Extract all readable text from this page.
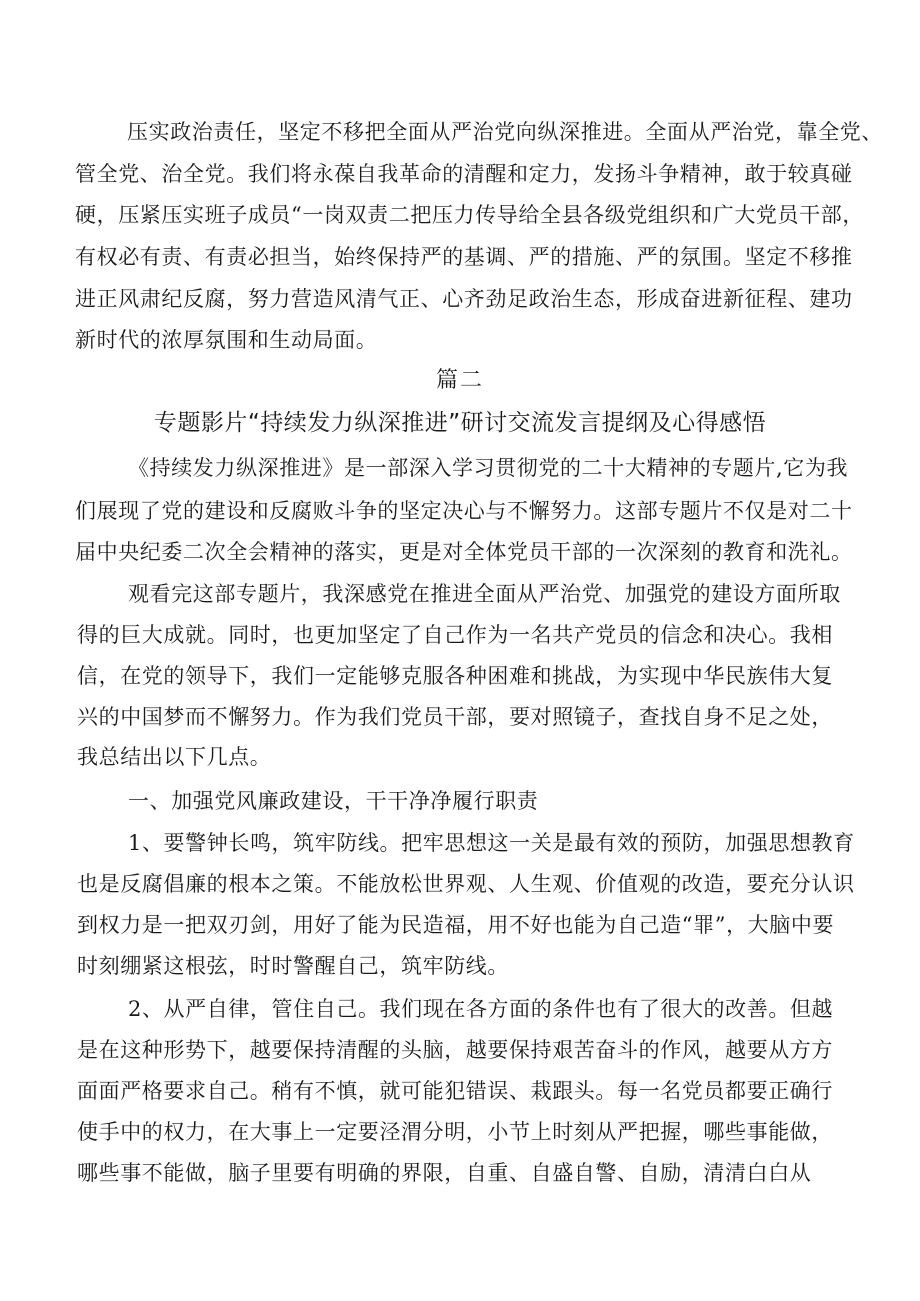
压实政治责任，坚定不移把全面从严治党向纵深推进。全面从严治党，靠全党、
管全党、治全党。我们将永葆自我革命的清醒和定力，发扬斗争精神，敢于较真碰
硬，压紧压实班子成员“一岗双责二把压力传导给全县各级党组织和广大党员干部，
有权必有责、有责必担当，始终保持严的基调、严的措施、严的氛围。坚定不移推
进正风肃纪反腐，努力营造风清气正、心齐劲足政治生态，形成奋进新征程、建功
新时代的浓厚氛围和生动局面。
篇二
专题影片“持续发力纵深推进”研讨交流发言提纲及心得感悟
《持续发力纵深推进》是一部深入学习贯彻党的二十大精神的专题片,它为我
们展现了党的建设和反腐败斗争的坚定决心与不懈努力。这部专题片不仅是对二十
届中央纪委二次全会精神的落实，更是对全体党员干部的一次深刻的教育和洗礼。
观看完这部专题片，我深感党在推进全面从严治党、加强党的建设方面所取
得的巨大成就。同时，也更加坚定了自己作为一名共产党员的信念和决心。我相
信，在党的领导下，我们一定能够克服各种困难和挑战，为实现中华民族伟大复
兴的中国梦而不懈努力。作为我们党员干部，要对照镜子，查找自身不足之处，
我总结出以下几点。
一、加强党风廉政建设，干干净净履行职责
1、要警钟长鸣，筑牢防线。把牢思想这一关是最有效的预防，加强思想教育
也是反腐倡廉的根本之策。不能放松世界观、人生观、价值观的改造，要充分认识
到权力是一把双刃剑，用好了能为民造福，用不好也能为自己造“罪”，大脑中要
时刻绷紧这根弦，时时警醒自己，筑牢防线。
2、从严自律，管住自己。我们现在各方面的条件也有了很大的改善。但越
是在这种形势下，越要保持清醒的头脑，越要保持艰苦奋斗的作风，越要从方方
面面严格要求自己。稍有不慎，就可能犯错误、栽跟头。每一名党员都要正确行
使手中的权力，在大事上一定要泾渭分明，小节上时刻从严把握，哪些事能做，
哪些事不能做，脑子里要有明确的界限，自重、自盛自警、自励，清清白白从
